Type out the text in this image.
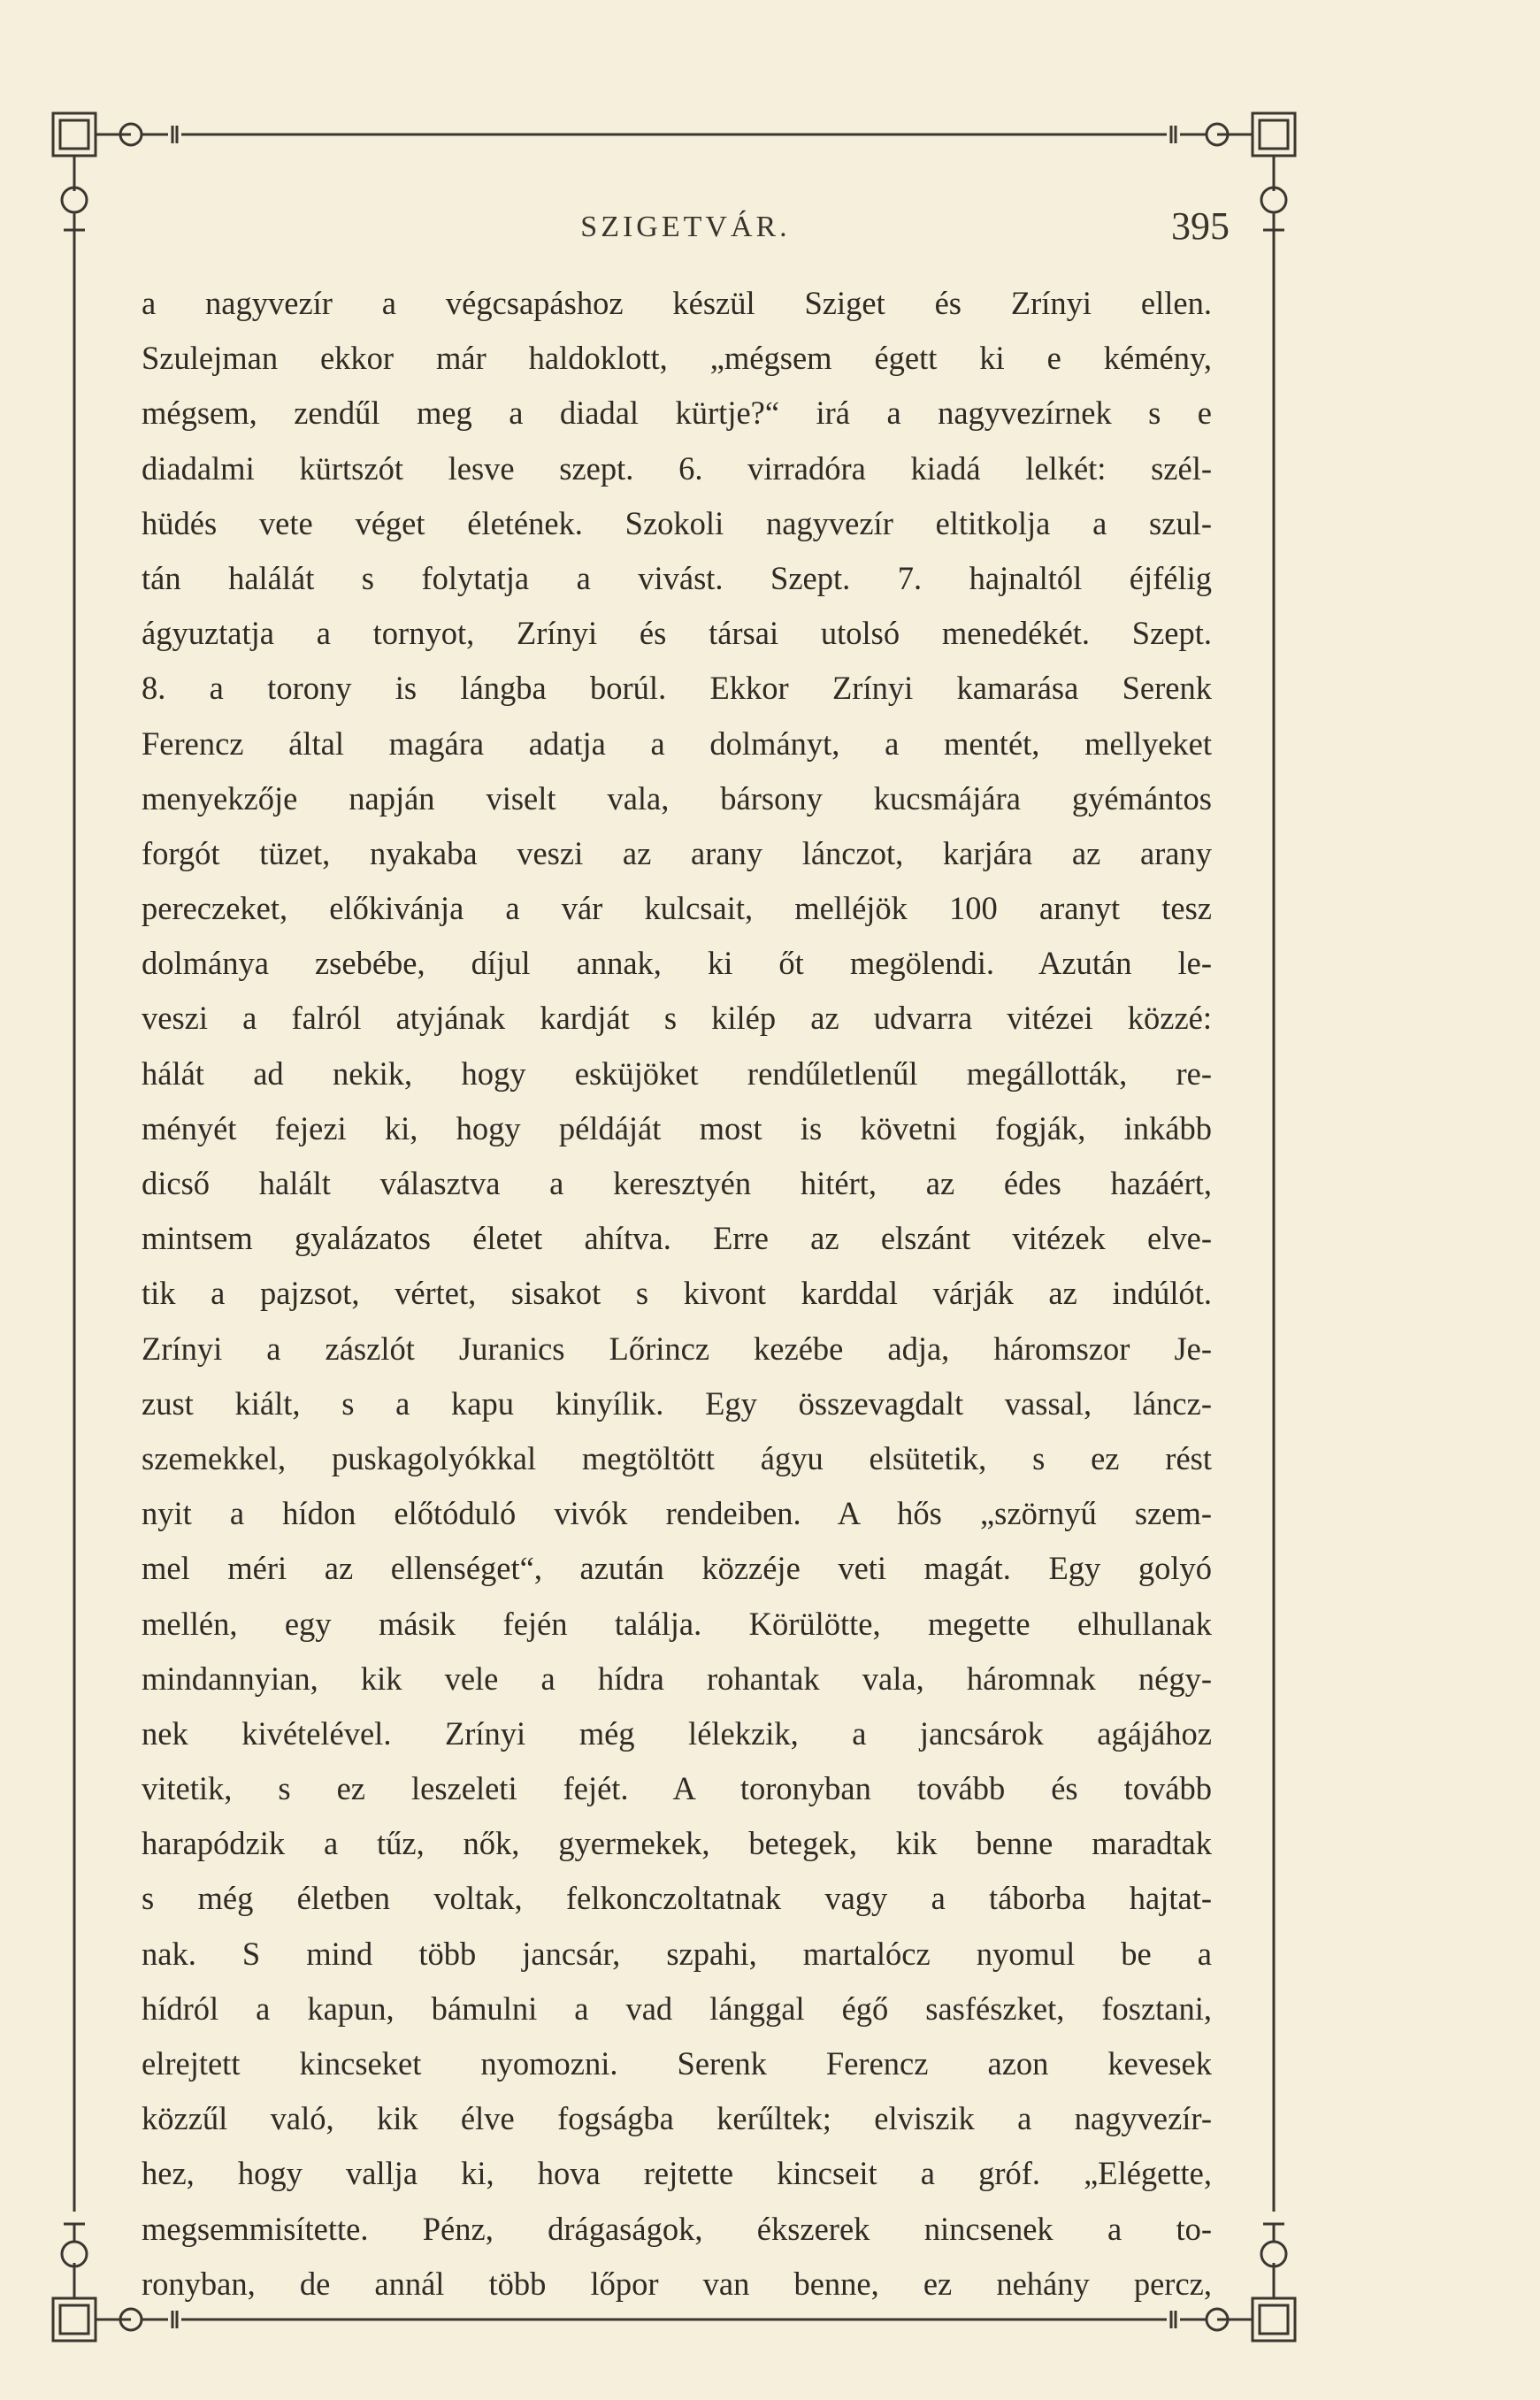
SZIGETVÁR.	395
a nagyvezír a végcsapáshoz készül Sziget és Zrínyi ellen.
Szulejman ekkor már haldoklott, „mégsem égett ki e kémény,
mégsem, zendűl meg a diadal kürtje?“ irá a nagyvezírnek s e
diadalmi kürtszót lesve szept. 6. virradóra kiadá lelkét: szél-
hüdés vete véget életének. Szokoli nagyvezír eltitkolja a szul-
tán halálát s folytatja a vivást. Szept. 7. hajnaltól éjfélig
ágyuztatja a tornyot, Zrínyi és társai utolsó menedékét. Szept.
8. a torony is lángba borúl. Ekkor Zrínyi kamarása Serenk
Ferencz által magára adatja a dolmányt, a mentét, mellyeket
menyekzője napján viselt vala, bársony kucsmájára gyémántos
forgót tüzet, nyakaba veszi az arany lánczot, karjára az arany
pereczeket, előkivánja a vár kulcsait, melléjök 100 aranyt tesz
dolmánya zsebébe, díjul annak, ki őt megölendi. Azután le-
veszi a falról atyjának kardját s kilép az udvarra vitézei közzé:
hálát ad nekik, hogy esküjöket rendűletlenűl megállották, re-
ményét fejezi ki, hogy példáját most is követni fogják, inkább
dicső halált választva a keresztyén hitért, az édes hazáért,
mintsem gyalázatos életet ahítva. Erre az elszánt vitézek elve-
tik a pajzsot, vértet, sisakot s kivont karddal várják az indúlót.
Zrínyi a zászlót Juranics Lőrincz kezébe adja, háromszor Je-
zust kiált, s a kapu kinyílik. Egy összevagdalt vassal, láncz-
szemekkel, puskagolyókkal megtöltött ágyu elsütetik, s ez rést
nyit a hídon előtóduló vivók rendeiben. A hős „szörnyű szem-
mel méri az ellenséget“, azután közzéje veti magát. Egy golyó
mellén, egy másik fején találja. Körülötte, megette elhullanak
mindannyian, kik vele a hídra rohantak vala, háromnak négy-
nek kivételével. Zrínyi még lélekzik, a jancsárok agájához
vitetik, s ez leszeleti fejét. A toronyban tovább és tovább
harapódzik a tűz, nők, gyermekek, betegek, kik benne maradtak
s még életben voltak, felkonczoltatnak vagy a táborba hajtat-
nak. S mind több jancsár, szpahi, martalócz nyomul be a
hídról a kapun, bámulni a vad lánggal égő sasfészket, fosztani,
elrejtett kincseket nyomozni. Serenk Ferencz azon kevesek
közzűl való, kik élve fogságba kerűltek; elviszik a nagyvezír-
hez, hogy vallja ki, hova rejtette kincseit a gróf. „Elégette,
megsemmisítette. Pénz, drágaságok, ékszerek nincsenek a to-
ronyban, de annál több lőpor van benne, ez nehány percz,
